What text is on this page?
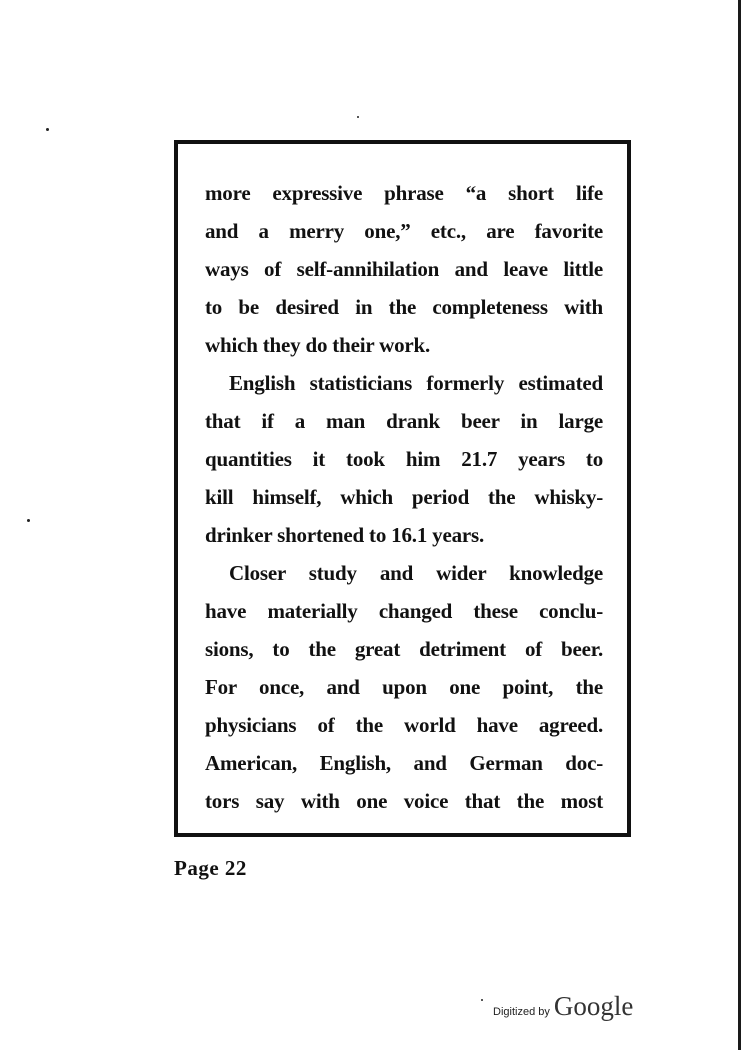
more expressive phrase “a short life
and a merry one,” etc., are favorite
ways of self-annihilation and leave little
to be desired in the completeness with

which they do their work.

English statisticians formerly estimated
that if a man drank beer in large
quantities it took him 21.7 years to
kill himself, which period the whisky-

drinker shortened to 16.1 years.

Closer study and wider knowledge
have materially changed these conclu-
sions, to the great detriment of beer.
For once, and upon one point, the
physicians of the world have agreed.
American, English, and German doc-
tors say with one voice that the most

Page 22
Digitized by Google
